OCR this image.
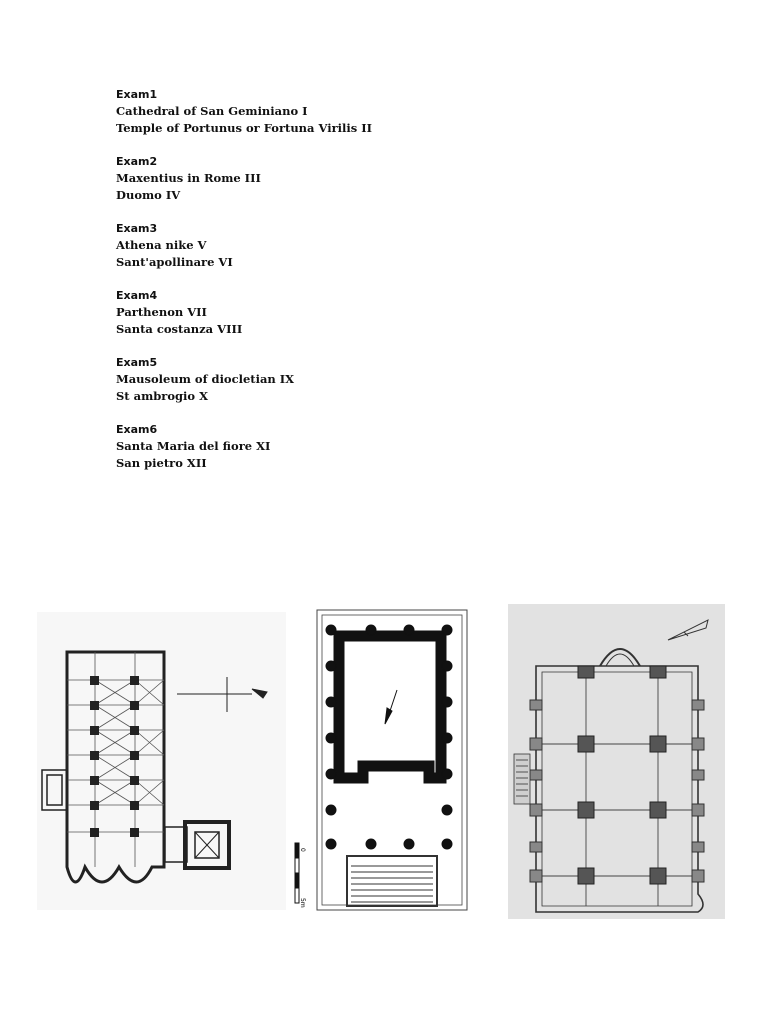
Exam1
Cathedral of San Geminiano I
Temple of Portunus or Fortuna Virilis II
Exam2
Maxentius in Rome III
Duomo IV
Exam3
Athena nike V
Sant'apollinare VI
Exam4
Parthenon VII
Santa costanza VIII
Exam5
Mausoleum of diocletian IX
St ambrogio X
Exam6
Santa Maria del fiore XI
San pietro XII
0
5m
